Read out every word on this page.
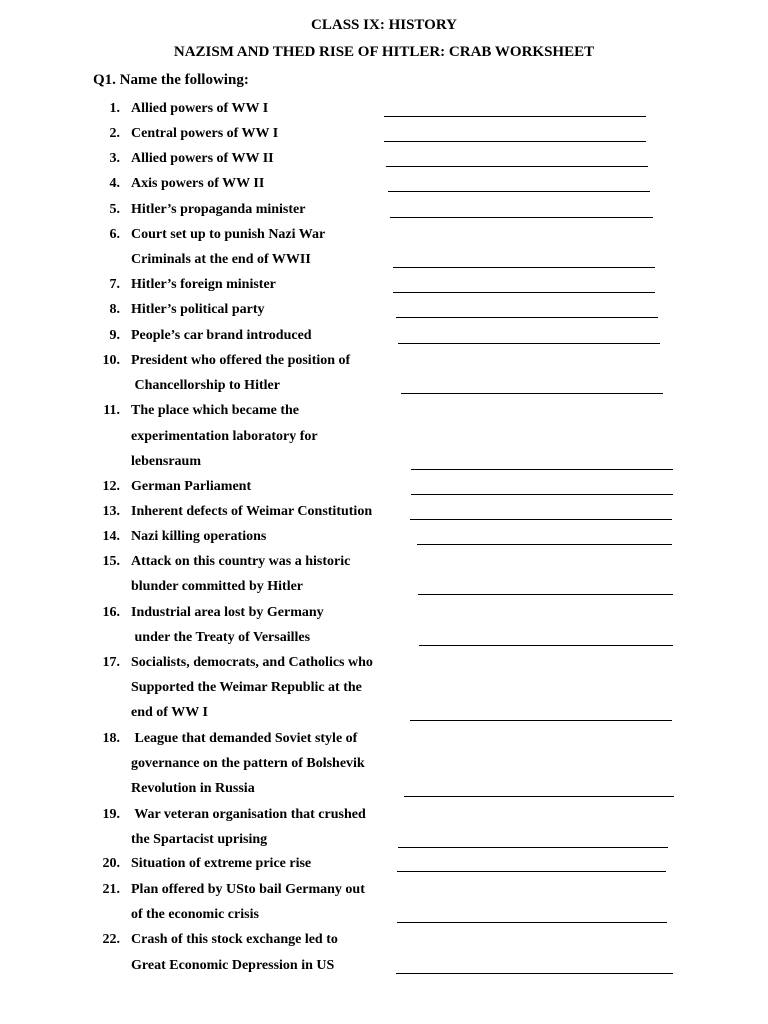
CLASS IX: HISTORY
NAZISM AND THED RISE OF HITLER: CRAB WORKSHEET

Q1. Name the following:

1. Allied powers of WW I
2. Central powers of WW I
3. Allied powers of WW II
4. Axis powers of WW II
5. Hitler’s propaganda minister
6. Court set up to punish Nazi War
Criminals at the end of WWII
7. Hitler’s foreign minister
8. Hitler’s political party
9. People’s car brand introduced
10. President who offered the position of
Chancellorship to Hitler
11. The place which became the
experimentation laboratory for
lebensraum
12. German Parliament
13. Inherent defects of Weimar Constitution
14. Nazi killing operations
15. Attack on this country was a historic
blunder committed by Hitler
16. Industrial area lost by Germany
under the Treaty of Versailles
17. Socialists, democrats, and Catholics who
Supported the Weimar Republic at the
end of WW I
18. League that demanded Soviet style of
governance on the pattern of Bolshevik
Revolution in Russia
19. War veteran organisation that crushed
the Spartacist uprising
20. Situation of extreme price rise
21. Plan offered by USto bail Germany out
of the economic crisis
22. Crash of this stock exchange led to
Great Economic Depression in US
